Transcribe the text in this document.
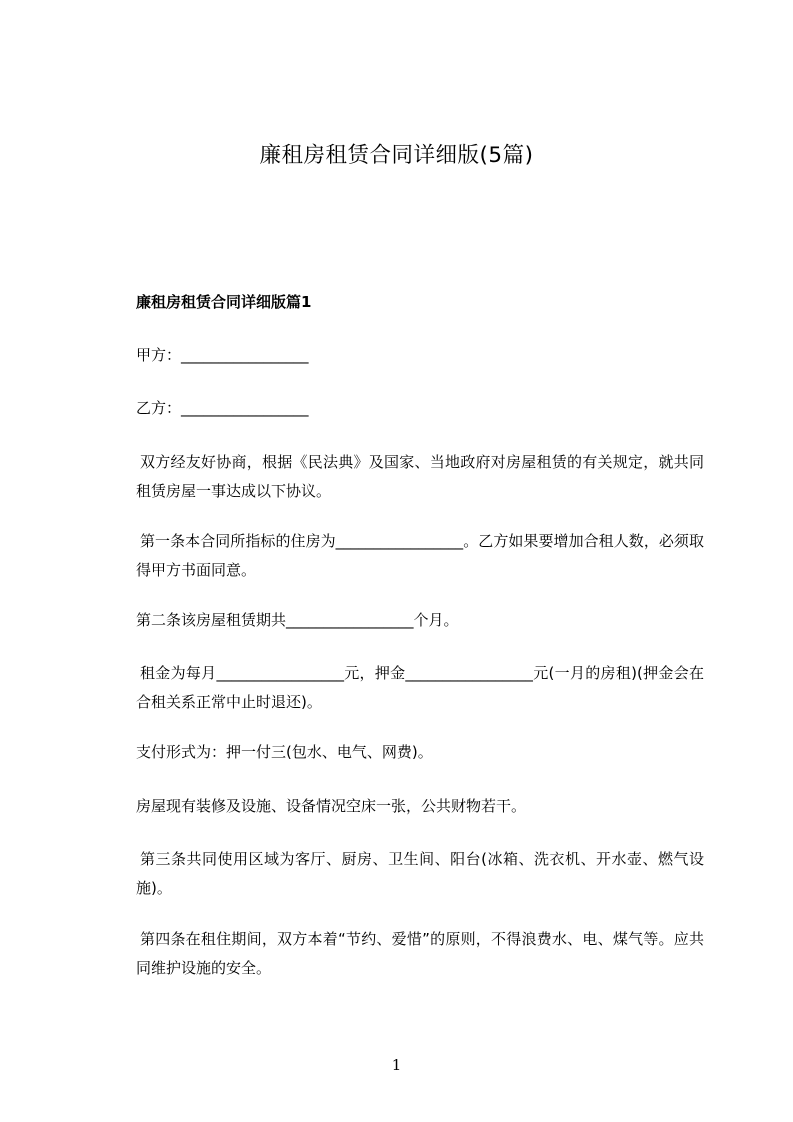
廉租房租赁合同详细版(5篇)

廉租房租赁合同详细版篇1

甲方：_________________

乙方：_________________

双方经友好协商，根据《民法典》及国家、当地政府对房屋租赁的有关规定，就共同租赁房屋一事达成以下协议。

第一条本合同所指标的住房为_________________。乙方如果要增加合租人数，必须取得甲方书面同意。

第二条该房屋租赁期共_________________个月。

租金为每月_________________元，押金_________________元(一月的房租)(押金会在合租关系正常中止时退还)。

支付形式为：押一付三(包水、电气、网费)。

房屋现有装修及设施、设备情况空床一张，公共财物若干。

第三条共同使用区域为客厅、厨房、卫生间、阳台(冰箱、洗衣机、开水壶、燃气设施)。

第四条在租住期间，双方本着“节约、爱惜”的原则，不得浪费水、电、煤气等。应共同维护设施的安全。

1
